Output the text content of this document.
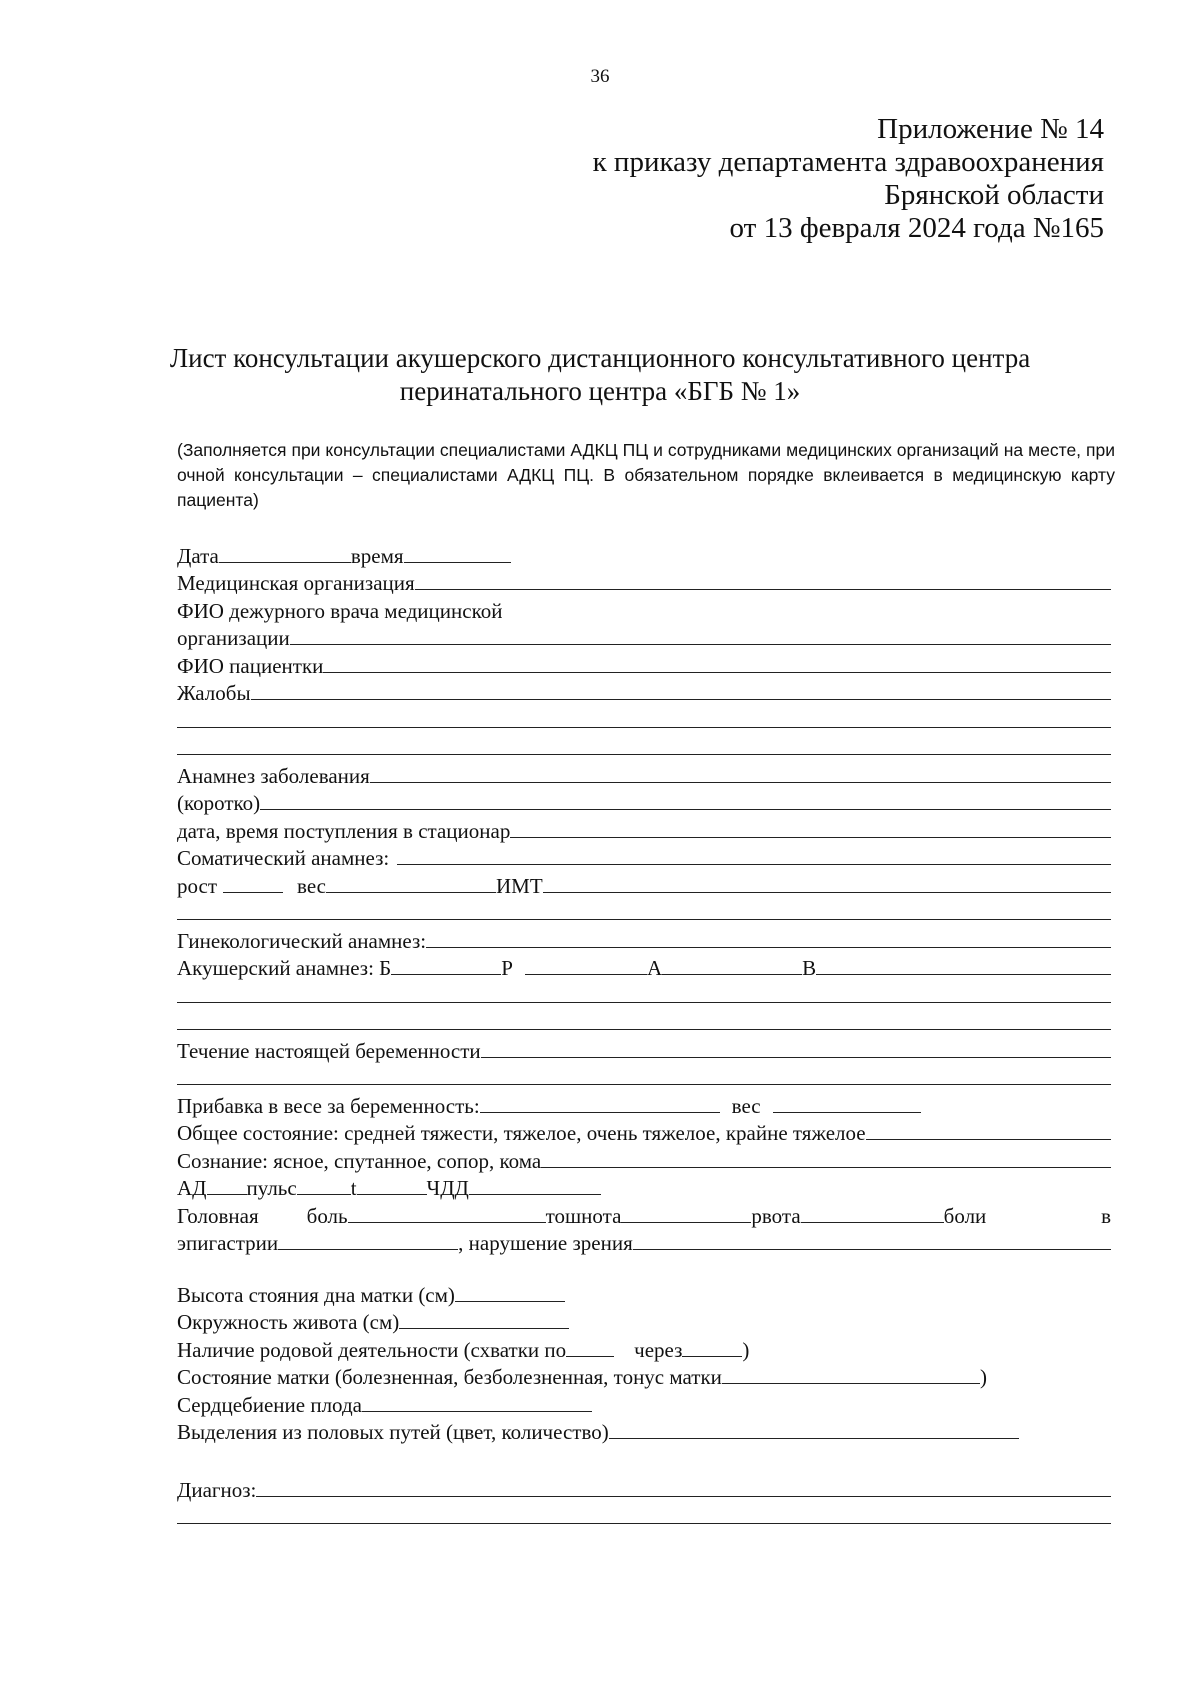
36
Приложение № 14
к приказу департамента здравоохранения
Брянской области
от 13 февраля 2024 года №165
Лист консультации акушерского дистанционного консультативного центра
перинатального центра «БГБ № 1»
(Заполняется при консультации специалистами АДКЦ ПЦ и сотрудниками медицинских организаций на месте, при очной консультации – специалистами АДКЦ ПЦ. В обязательном порядке вклеивается в медицинскую карту пациента)
Дата	время
Медицинская организация
ФИО дежурного врача медицинской
организации
ФИО пациентки
Жалобы
Анамнез заболевания
(коротко)
дата, время поступления в стационар
Соматический анамнез:
рост	вес	ИМТ
Гинекологический анамнез:
Акушерский анамнез: Б	Р	А	В
Течение настоящей беременности
Прибавка в весе за беременность:	вес
Общее состояние: средней тяжести, тяжелое, очень тяжелое, крайне тяжелое
Сознание: ясное, спутанное, сопор, кома
АД пульс	t	ЧДД
Головная боль	тошнота	рвота	боли	в
эпигастрии	, нарушение зрения
Высота стояния дна матки (см)
Окружность живота (см)
Наличие родовой деятельности (схватки по	через	)
Состояние матки (болезненная, безболезненная, тонус матки	)
Сердцебиение плода
Выделения из половых путей (цвет, количество)
Диагноз:
